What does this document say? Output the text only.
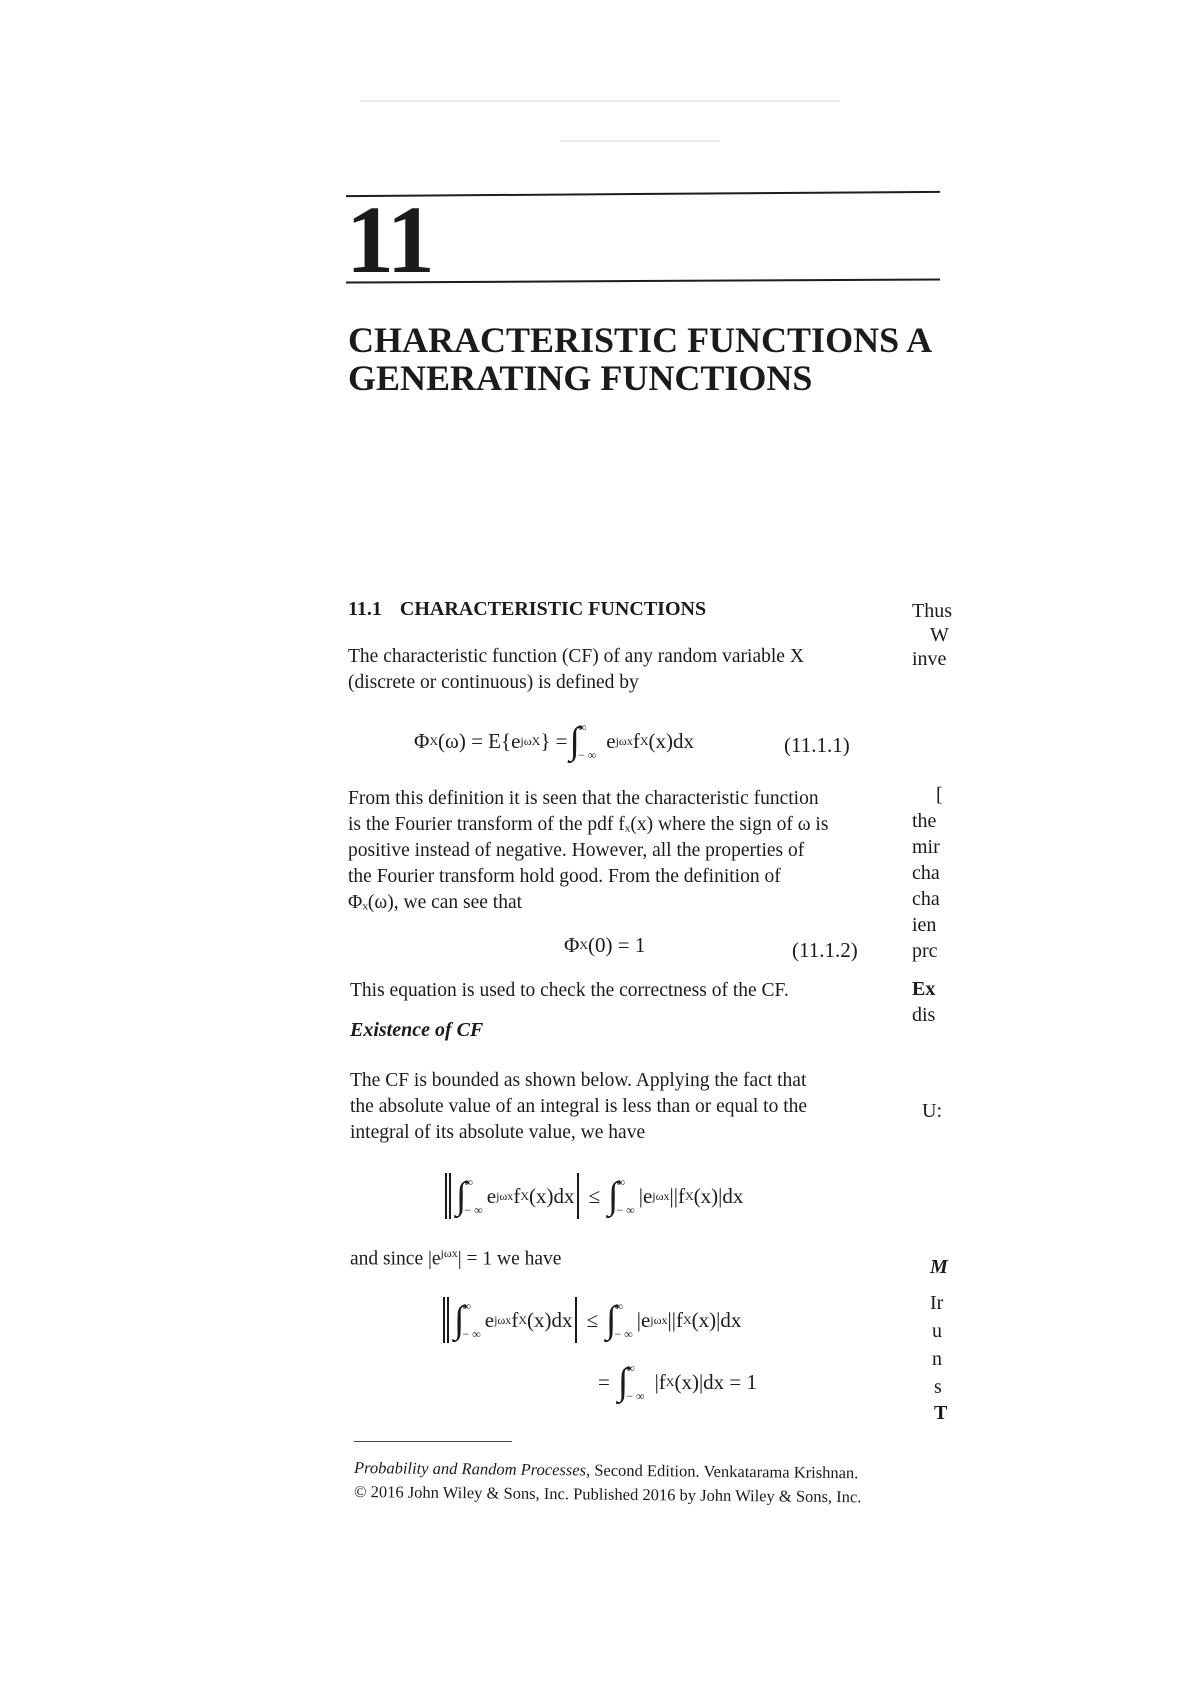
11
CHARACTERISTIC FUNCTIONS A
GENERATING FUNCTIONS
11.1 CHARACTERISTIC FUNCTIONS
The characteristic function (CF) of any random variable X
(discrete or continuous) is defined by
Φ X (ω) = E{e jωX } = ∫
∞
− ∞
e jωx f X (x)dx	(11.1.1)
From this definition it is seen that the characteristic function
is the Fourier transform of the pdf fₓ(x) where the sign of ω is
positive instead of negative. However, all the properties of
the Fourier transform hold good. From the definition of
Φₓ(ω), we can see that
Φ X (0) = 1	(11.1.2)
This equation is used to check the correctness of the CF.
Existence of CF
The CF is bounded as shown below. Applying the fact that
the absolute value of an integral is less than or equal to the
integral of its absolute value, we have
∫
∞
− ∞
e jωx f X (x)dx ≤ ∫
∞
− ∞
|e jωx | |f X (x)|dx
and since $|e^{j\omega x}| = 1$ we have
∫
∞
− ∞
e jωx f X (x)dx ≤ ∫
∞
− ∞
|e jωx | |f X (x)|dx
= ∫
∞
− ∞
|f X (x)|dx = 1
Probability and Random Processes, Second Edition. Venkatarama Krishnan.
© 2016 John Wiley & Sons, Inc. Published 2016 by John Wiley & Sons, Inc.
Thus
W
inve
[
the
mir
cha
cha
ien
prc
Ex
dis
U:
M
Ir
u
n
s
T
